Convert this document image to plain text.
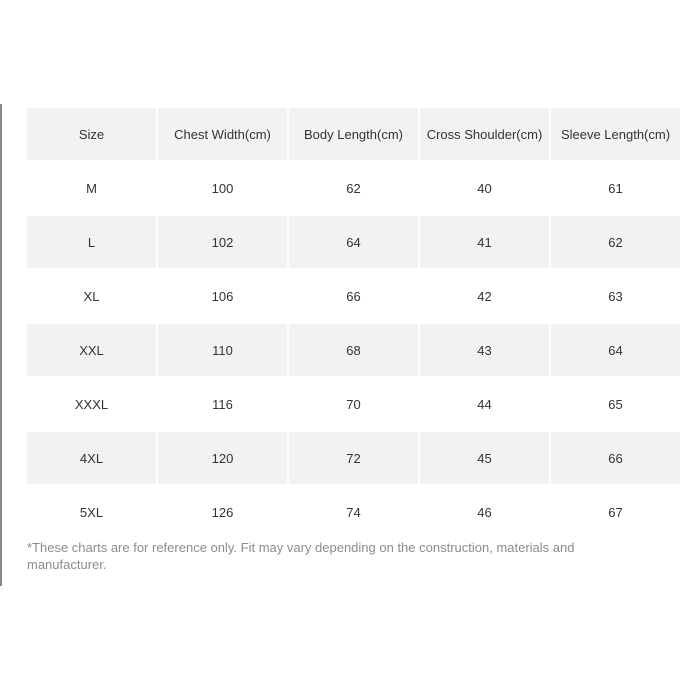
Size	Chest Width(cm)	Body Length(cm)	Cross Shoulder(cm)	Sleeve Length(cm)
M	100	62	40	61
L	102	64	41	62
XL	106	66	42	63
XXL	110	68	43	64
XXXL	116	70	44	65
4XL	120	72	45	66
5XL	126	74	46	67
*These charts are for reference only. Fit may vary depending on the construction, materials and manufacturer.
